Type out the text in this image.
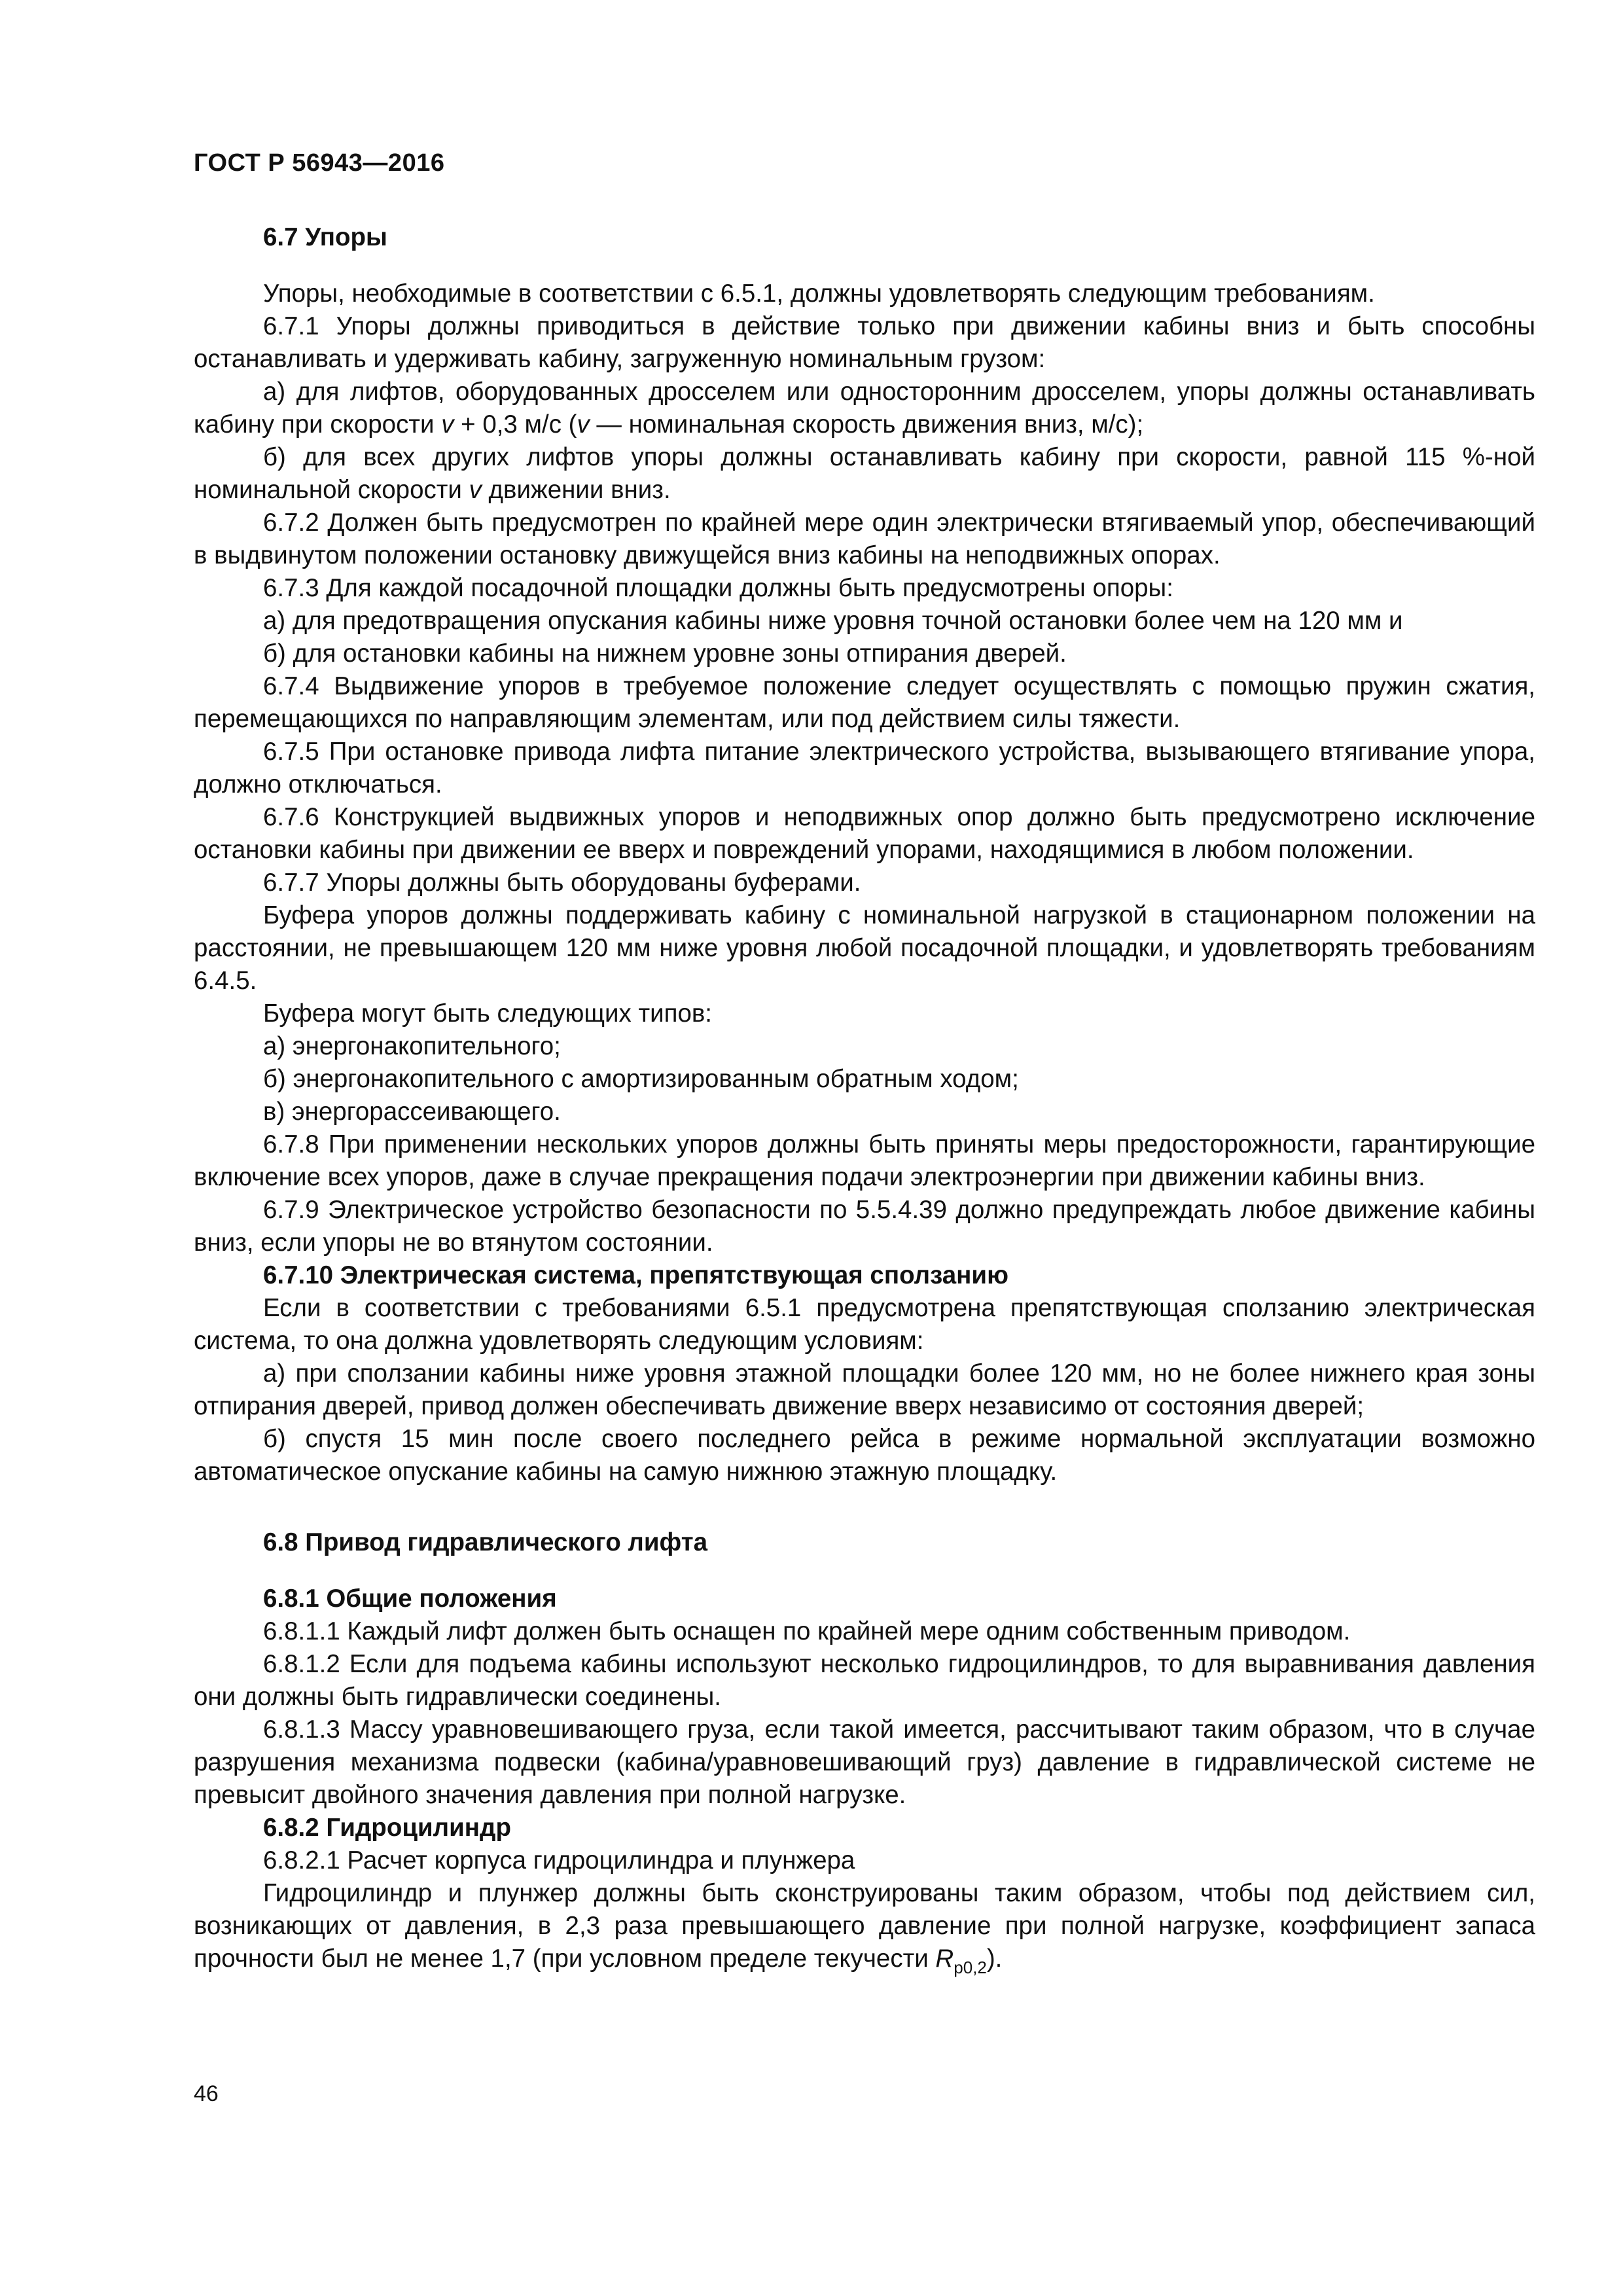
ГОСТ Р 56943—2016
6.7 Упоры

Упоры, необходимые в соответствии с 6.5.1, должны удовлетворять следующим требованиям.

6.7.1 Упоры должны приводиться в действие только при движении кабины вниз и быть способны останавливать и удерживать кабину, загруженную номинальным грузом:

а) для лифтов, оборудованных дросселем или односторонним дросселем, упоры должны останавливать кабину при скорости v + 0,3 м/с (v — номинальная скорость движения вниз, м/с);

б) для всех других лифтов упоры должны останавливать кабину при скорости, равной 115 %-ной номинальной скорости v движении вниз.

6.7.2 Должен быть предусмотрен по крайней мере один электрически втягиваемый упор, обеспечивающий в выдвинутом положении остановку движущейся вниз кабины на неподвижных опорах.

6.7.3 Для каждой посадочной площадки должны быть предусмотрены опоры:

а) для предотвращения опускания кабины ниже уровня точной остановки более чем на 120 мм и

б) для остановки кабины на нижнем уровне зоны отпирания дверей.

6.7.4 Выдвижение упоров в требуемое положение следует осуществлять с помощью пружин сжатия, перемещающихся по направляющим элементам, или под действием силы тяжести.

6.7.5 При остановке привода лифта питание электрического устройства, вызывающего втягивание упора, должно отключаться.

6.7.6 Конструкцией выдвижных упоров и неподвижных опор должно быть предусмотрено исключение остановки кабины при движении ее вверх и повреждений упорами, находящимися в любом положении.

6.7.7 Упоры должны быть оборудованы буферами.

Буфера упоров должны поддерживать кабину с номинальной нагрузкой в стационарном положении на расстоянии, не превышающем 120 мм ниже уровня любой посадочной площадки, и удовлетворять требованиям 6.4.5.

Буфера могут быть следующих типов:

а) энергонакопительного;

б) энергонакопительного с амортизированным обратным ходом;

в) энергорассеивающего.

6.7.8 При применении нескольких упоров должны быть приняты меры предосторожности, гарантирующие включение всех упоров, даже в случае прекращения подачи электроэнергии при движении кабины вниз.

6.7.9 Электрическое устройство безопасности по 5.5.4.39 должно предупреждать любое движение кабины вниз, если упоры не во втянутом состоянии.

6.7.10 Электрическая система, препятствующая сползанию

Если в соответствии с требованиями 6.5.1 предусмотрена препятствующая сползанию электрическая система, то она должна удовлетворять следующим условиям:

а) при сползании кабины ниже уровня этажной площадки более 120 мм, но не более нижнего края зоны отпирания дверей, привод должен обеспечивать движение вверх независимо от состояния дверей;

б) спустя 15 мин после своего последнего рейса в режиме нормальной эксплуатации возможно автоматическое опускание кабины на самую нижнюю этажную площадку.

6.8 Привод гидравлического лифта
6.8.1 Общие положения

6.8.1.1 Каждый лифт должен быть оснащен по крайней мере одним собственным приводом.

6.8.1.2 Если для подъема кабины используют несколько гидроцилиндров, то для выравнивания давления они должны быть гидравлически соединены.

6.8.1.3 Массу уравновешивающего груза, если такой имеется, рассчитывают таким образом, что в случае разрушения механизма подвески (кабина/уравновешивающий груз) давление в гидравлической системе не превысит двойного значения давления при полной нагрузке.

6.8.2 Гидроцилиндр

6.8.2.1 Расчет корпуса гидроцилиндра и плунжера

Гидроцилиндр и плунжер должны быть сконструированы таким образом, чтобы под действием сил, возникающих от давления, в 2,3 раза превышающего давление при полной нагрузке, коэффициент запаса прочности был не менее 1,7 (при условном пределе текучести $R_{p0,2}$).

46
